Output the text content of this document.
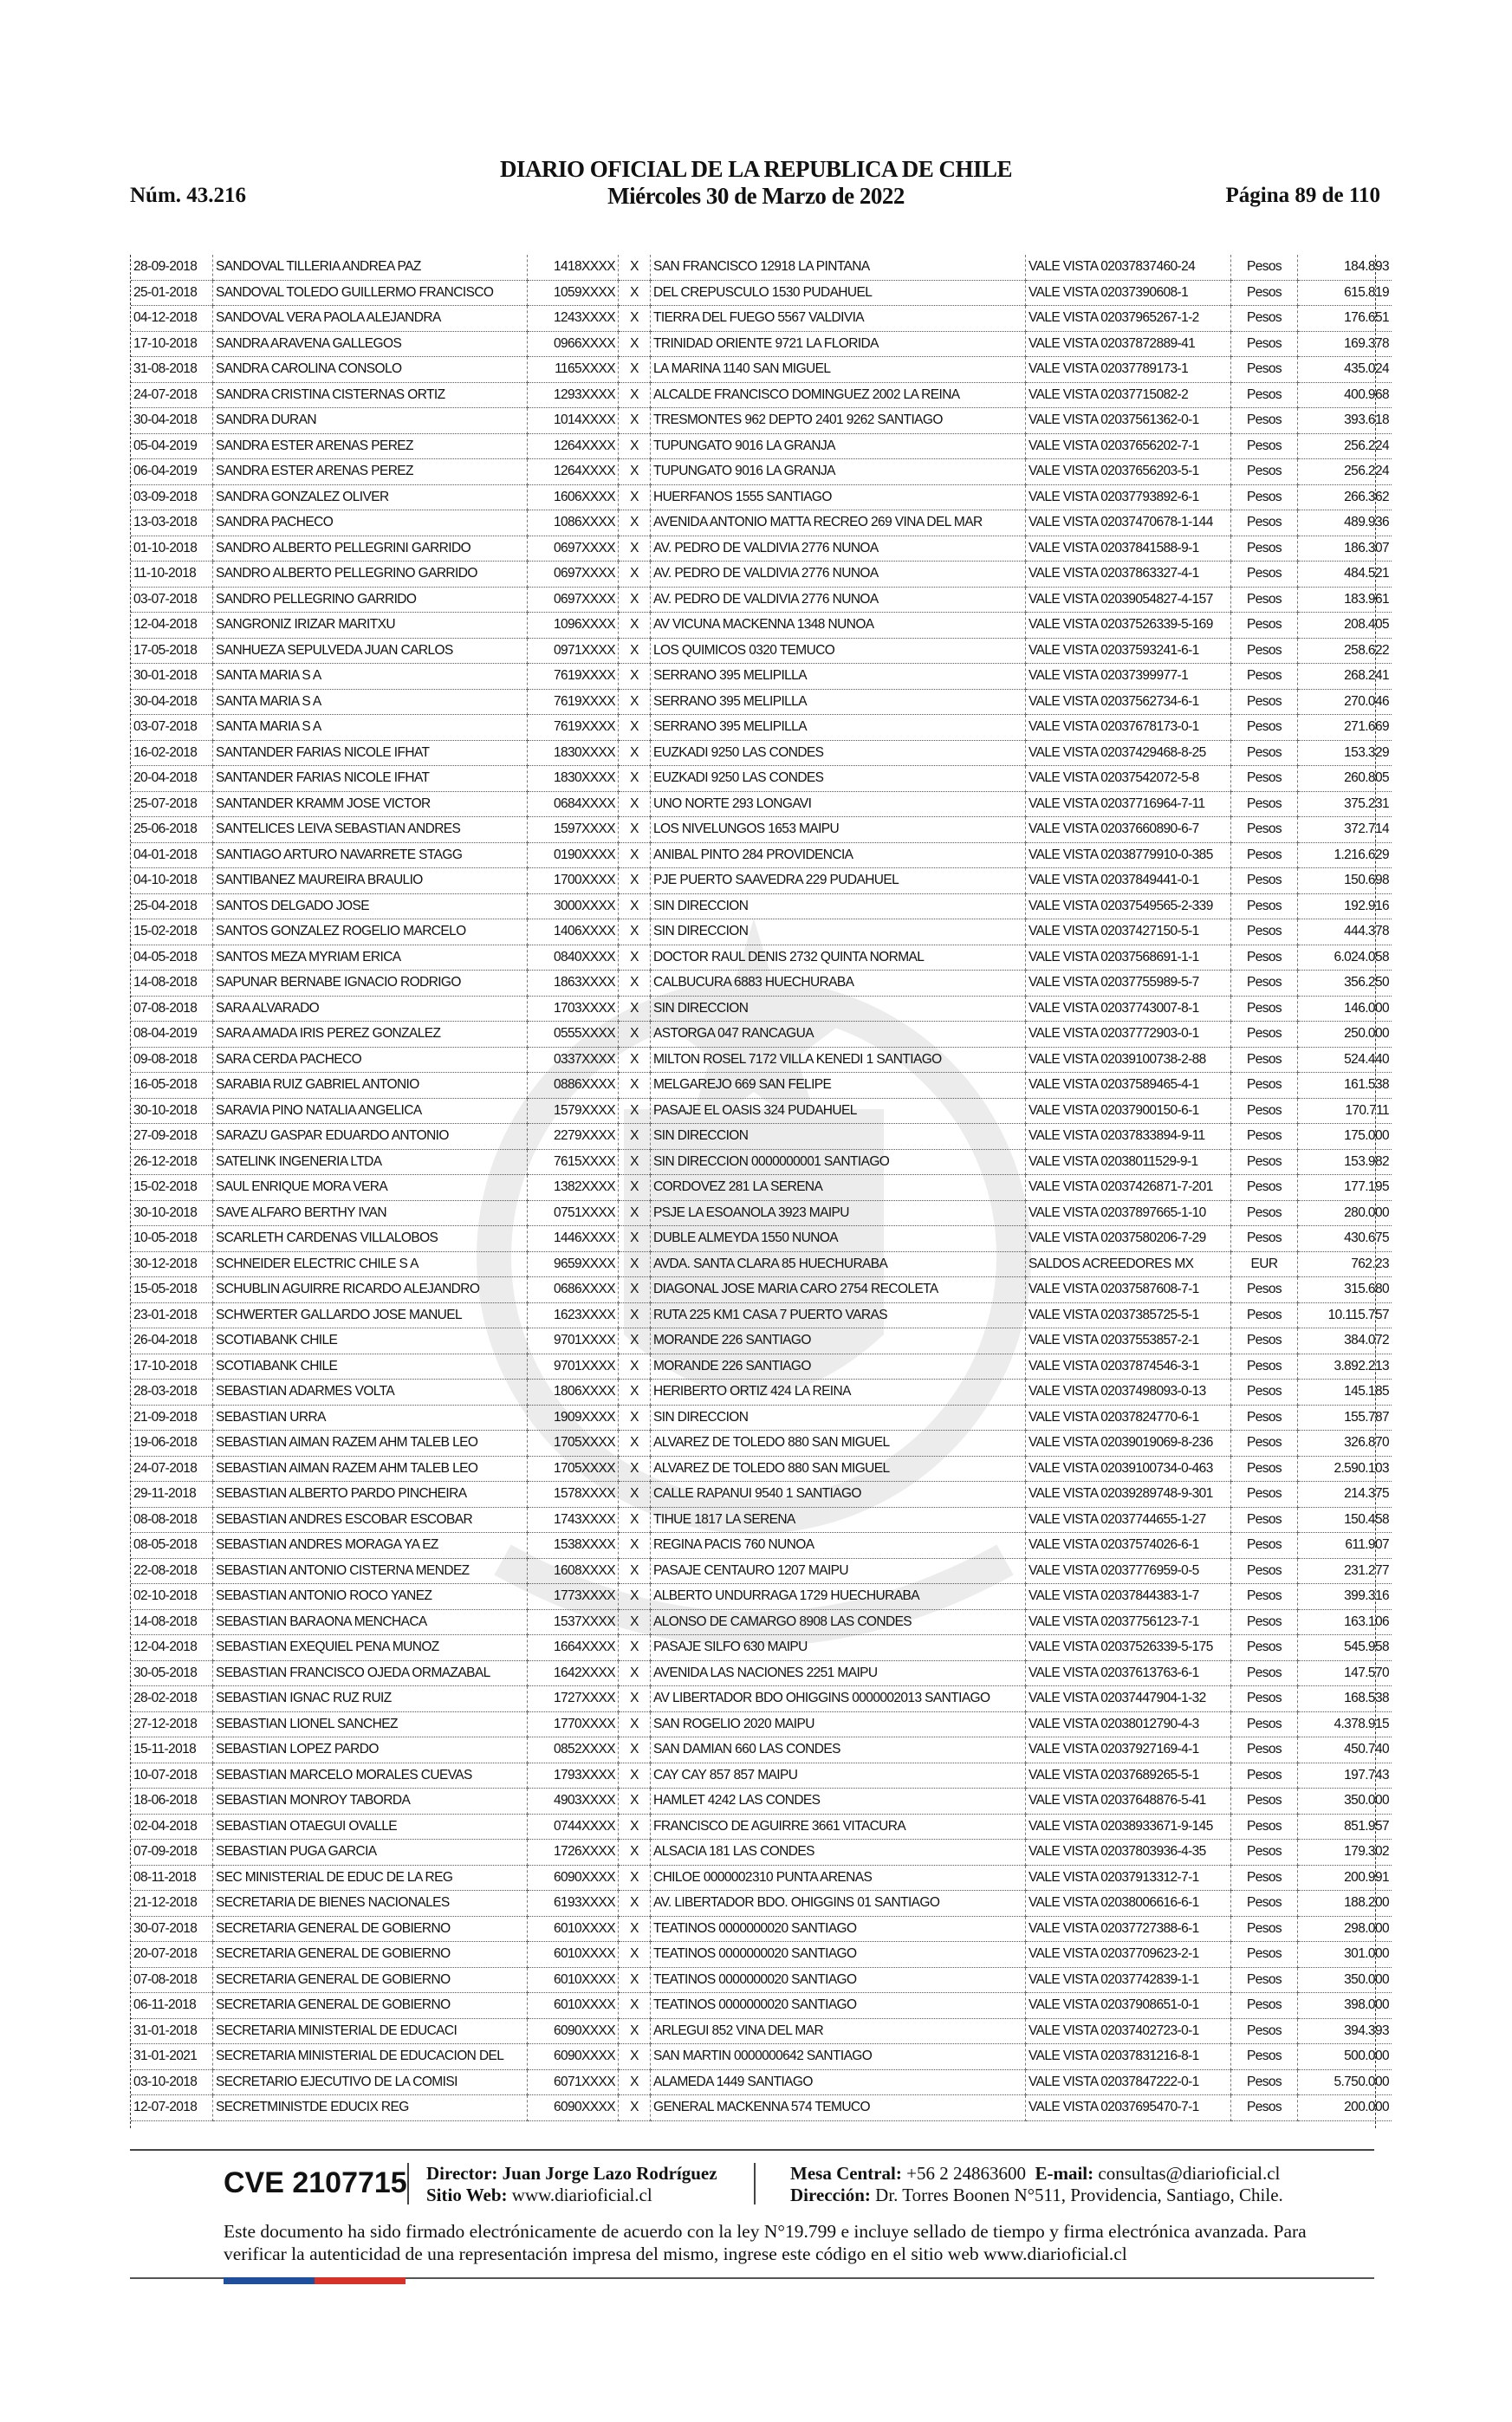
Núm. 43.216
DIARIO OFICIAL DE LA REPUBLICA DE CHILE
Miércoles 30 de Marzo de 2022	Página 89 de 110
28-09-2018	SANDOVAL TILLERIA ANDREA PAZ	1418XXXX	X	SAN FRANCISCO 12918 LA PINTANA	VALE VISTA 02037837460-24	Pesos	184.893
25-01-2018	SANDOVAL TOLEDO GUILLERMO FRANCISCO	1059XXXX	X	DEL CREPUSCULO 1530 PUDAHUEL	VALE VISTA 02037390608-1	Pesos	615.819
04-12-2018	SANDOVAL VERA PAOLA ALEJANDRA	1243XXXX	X	TIERRA DEL FUEGO 5567 VALDIVIA	VALE VISTA 02037965267-1-2	Pesos	176.651
17-10-2018	SANDRA ARAVENA GALLEGOS	0966XXXX	X	TRINIDAD ORIENTE 9721 LA FLORIDA	VALE VISTA 02037872889-41	Pesos	169.378
31-08-2018	SANDRA CAROLINA CONSOLO	1165XXXX	X	LA MARINA 1140 SAN MIGUEL	VALE VISTA 02037789173-1	Pesos	435.024
24-07-2018	SANDRA CRISTINA CISTERNAS ORTIZ	1293XXXX	X	ALCALDE FRANCISCO DOMINGUEZ 2002 LA REINA	VALE VISTA 02037715082-2	Pesos	400.968
30-04-2018	SANDRA DURAN	1014XXXX	X	TRESMONTES 962 DEPTO 2401 9262 SANTIAGO	VALE VISTA 02037561362-0-1	Pesos	393.618
05-04-2019	SANDRA ESTER ARENAS PEREZ	1264XXXX	X	TUPUNGATO 9016 LA GRANJA	VALE VISTA 02037656202-7-1	Pesos	256.224
06-04-2019	SANDRA ESTER ARENAS PEREZ	1264XXXX	X	TUPUNGATO 9016 LA GRANJA	VALE VISTA 02037656203-5-1	Pesos	256.224
03-09-2018	SANDRA GONZALEZ OLIVER	1606XXXX	X	HUERFANOS 1555 SANTIAGO	VALE VISTA 02037793892-6-1	Pesos	266.362
13-03-2018	SANDRA PACHECO	1086XXXX	X	AVENIDA ANTONIO MATTA RECREO 269 VINA DEL MAR	VALE VISTA 02037470678-1-144	Pesos	489.936
01-10-2018	SANDRO ALBERTO PELLEGRINI GARRIDO	0697XXXX	X	AV. PEDRO DE VALDIVIA 2776 NUNOA	VALE VISTA 02037841588-9-1	Pesos	186.307
11-10-2018	SANDRO ALBERTO PELLEGRINO GARRIDO	0697XXXX	X	AV. PEDRO DE VALDIVIA 2776 NUNOA	VALE VISTA 02037863327-4-1	Pesos	484.521
03-07-2018	SANDRO PELLEGRINO GARRIDO	0697XXXX	X	AV. PEDRO DE VALDIVIA 2776 NUNOA	VALE VISTA 02039054827-4-157	Pesos	183.961
12-04-2018	SANGRONIZ IRIZAR MARITXU	1096XXXX	X	AV VICUNA MACKENNA 1348 NUNOA	VALE VISTA 02037526339-5-169	Pesos	208.405
17-05-2018	SANHUEZA SEPULVEDA JUAN CARLOS	0971XXXX	X	LOS QUIMICOS 0320 TEMUCO	VALE VISTA 02037593241-6-1	Pesos	258.622
30-01-2018	SANTA MARIA S A	7619XXXX	X	SERRANO 395 MELIPILLA	VALE VISTA 02037399977-1	Pesos	268.241
30-04-2018	SANTA MARIA S A	7619XXXX	X	SERRANO 395 MELIPILLA	VALE VISTA 02037562734-6-1	Pesos	270.046
03-07-2018	SANTA MARIA S A	7619XXXX	X	SERRANO 395 MELIPILLA	VALE VISTA 02037678173-0-1	Pesos	271.669
16-02-2018	SANTANDER FARIAS NICOLE IFHAT	1830XXXX	X	EUZKADI 9250 LAS CONDES	VALE VISTA 02037429468-8-25	Pesos	153.329
20-04-2018	SANTANDER FARIAS NICOLE IFHAT	1830XXXX	X	EUZKADI 9250 LAS CONDES	VALE VISTA 02037542072-5-8	Pesos	260.805
25-07-2018	SANTANDER KRAMM JOSE VICTOR	0684XXXX	X	UNO NORTE 293 LONGAVI	VALE VISTA 02037716964-7-11	Pesos	375.231
25-06-2018	SANTELICES LEIVA SEBASTIAN ANDRES	1597XXXX	X	LOS NIVELUNGOS 1653 MAIPU	VALE VISTA 02037660890-6-7	Pesos	372.714
04-01-2018	SANTIAGO ARTURO NAVARRETE STAGG	0190XXXX	X	ANIBAL PINTO 284 PROVIDENCIA	VALE VISTA 02038779910-0-385	Pesos	1.216.629
04-10-2018	SANTIBANEZ MAUREIRA BRAULIO	1700XXXX	X	PJE PUERTO SAAVEDRA 229 PUDAHUEL	VALE VISTA 02037849441-0-1	Pesos	150.698
25-04-2018	SANTOS DELGADO JOSE	3000XXXX	X	SIN DIRECCION	VALE VISTA 02037549565-2-339	Pesos	192.916
15-02-2018	SANTOS GONZALEZ ROGELIO MARCELO	1406XXXX	X	SIN DIRECCION	VALE VISTA 02037427150-5-1	Pesos	444.378
04-05-2018	SANTOS MEZA MYRIAM ERICA	0840XXXX	X	DOCTOR RAUL DENIS 2732 QUINTA NORMAL	VALE VISTA 02037568691-1-1	Pesos	6.024.058
14-08-2018	SAPUNAR BERNABE IGNACIO RODRIGO	1863XXXX	X	CALBUCURA 6883 HUECHURABA	VALE VISTA 02037755989-5-7	Pesos	356.250
07-08-2018	SARA ALVARADO	1703XXXX	X	SIN DIRECCION	VALE VISTA 02037743007-8-1	Pesos	146.000
08-04-2019	SARA AMADA IRIS PEREZ GONZALEZ	0555XXXX	X	ASTORGA 047 RANCAGUA	VALE VISTA 02037772903-0-1	Pesos	250.000
09-08-2018	SARA CERDA PACHECO	0337XXXX	X	MILTON ROSEL 7172 VILLA KENEDI 1 SANTIAGO	VALE VISTA 02039100738-2-88	Pesos	524.440
16-05-2018	SARABIA RUIZ GABRIEL ANTONIO	0886XXXX	X	MELGAREJO 669 SAN FELIPE	VALE VISTA 02037589465-4-1	Pesos	161.538
30-10-2018	SARAVIA PINO NATALIA ANGELICA	1579XXXX	X	PASAJE EL OASIS 324 PUDAHUEL	VALE VISTA 02037900150-6-1	Pesos	170.711
27-09-2018	SARAZU GASPAR EDUARDO ANTONIO	2279XXXX	X	SIN DIRECCION	VALE VISTA 02037833894-9-11	Pesos	175.000
26-12-2018	SATELINK INGENERIA LTDA	7615XXXX	X	SIN DIRECCION 0000000001 SANTIAGO	VALE VISTA 02038011529-9-1	Pesos	153.982
15-02-2018	SAUL ENRIQUE MORA VERA	1382XXXX	X	CORDOVEZ 281 LA SERENA	VALE VISTA 02037426871-7-201	Pesos	177.195
30-10-2018	SAVE ALFARO BERTHY IVAN	0751XXXX	X	PSJE LA ESOANOLA 3923 MAIPU	VALE VISTA 02037897665-1-10	Pesos	280.000
10-05-2018	SCARLETH CARDENAS VILLALOBOS	1446XXXX	X	DUBLE ALMEYDA 1550 NUNOA	VALE VISTA 02037580206-7-29	Pesos	430.675
30-12-2018	SCHNEIDER ELECTRIC CHILE S A	9659XXXX	X	AVDA. SANTA CLARA 85 HUECHURABA	SALDOS ACREEDORES MX	EUR	762.23
15-05-2018	SCHUBLIN AGUIRRE RICARDO ALEJANDRO	0686XXXX	X	DIAGONAL JOSE MARIA CARO 2754 RECOLETA	VALE VISTA 02037587608-7-1	Pesos	315.680
23-01-2018	SCHWERTER GALLARDO JOSE MANUEL	1623XXXX	X	RUTA 225 KM1 CASA 7 PUERTO VARAS	VALE VISTA 02037385725-5-1	Pesos	10.115.757
26-04-2018	SCOTIABANK CHILE	9701XXXX	X	MORANDE 226 SANTIAGO	VALE VISTA 02037553857-2-1	Pesos	384.072
17-10-2018	SCOTIABANK CHILE	9701XXXX	X	MORANDE 226 SANTIAGO	VALE VISTA 02037874546-3-1	Pesos	3.892.213
28-03-2018	SEBASTIAN ADARMES VOLTA	1806XXXX	X	HERIBERTO ORTIZ 424 LA REINA	VALE VISTA 02037498093-0-13	Pesos	145.185
21-09-2018	SEBASTIAN URRA	1909XXXX	X	SIN DIRECCION	VALE VISTA 02037824770-6-1	Pesos	155.787
19-06-2018	SEBASTIAN AIMAN RAZEM AHM TALEB LEO	1705XXXX	X	ALVAREZ DE TOLEDO 880 SAN MIGUEL	VALE VISTA 02039019069-8-236	Pesos	326.870
24-07-2018	SEBASTIAN AIMAN RAZEM AHM TALEB LEO	1705XXXX	X	ALVAREZ DE TOLEDO 880 SAN MIGUEL	VALE VISTA 02039100734-0-463	Pesos	2.590.103
29-11-2018	SEBASTIAN ALBERTO PARDO PINCHEIRA	1578XXXX	X	CALLE RAPANUI 9540 1 SANTIAGO	VALE VISTA 02039289748-9-301	Pesos	214.375
08-08-2018	SEBASTIAN ANDRES ESCOBAR ESCOBAR	1743XXXX	X	TIHUE 1817 LA SERENA	VALE VISTA 02037744655-1-27	Pesos	150.458
08-05-2018	SEBASTIAN ANDRES MORAGA YA EZ	1538XXXX	X	REGINA PACIS 760 NUNOA	VALE VISTA 02037574026-6-1	Pesos	611.907
22-08-2018	SEBASTIAN ANTONIO CISTERNA MENDEZ	1608XXXX	X	PASAJE CENTAURO 1207 MAIPU	VALE VISTA 02037776959-0-5	Pesos	231.277
02-10-2018	SEBASTIAN ANTONIO ROCO YANEZ	1773XXXX	X	ALBERTO UNDURRAGA 1729 HUECHURABA	VALE VISTA 02037844383-1-7	Pesos	399.316
14-08-2018	SEBASTIAN BARAONA MENCHACA	1537XXXX	X	ALONSO DE CAMARGO 8908 LAS CONDES	VALE VISTA 02037756123-7-1	Pesos	163.106
12-04-2018	SEBASTIAN EXEQUIEL PENA MUNOZ	1664XXXX	X	PASAJE SILFO 630 MAIPU	VALE VISTA 02037526339-5-175	Pesos	545.958
30-05-2018	SEBASTIAN FRANCISCO OJEDA ORMAZABAL	1642XXXX	X	AVENIDA LAS NACIONES 2251 MAIPU	VALE VISTA 02037613763-6-1	Pesos	147.570
28-02-2018	SEBASTIAN IGNAC RUZ RUIZ	1727XXXX	X	AV LIBERTADOR BDO OHIGGINS 0000002013 SANTIAGO	VALE VISTA 02037447904-1-32	Pesos	168.538
27-12-2018	SEBASTIAN LIONEL SANCHEZ	1770XXXX	X	SAN ROGELIO 2020 MAIPU	VALE VISTA 02038012790-4-3	Pesos	4.378.915
15-11-2018	SEBASTIAN LOPEZ PARDO	0852XXXX	X	SAN DAMIAN 660 LAS CONDES	VALE VISTA 02037927169-4-1	Pesos	450.740
10-07-2018	SEBASTIAN MARCELO MORALES CUEVAS	1793XXXX	X	CAY CAY 857 857 MAIPU	VALE VISTA 02037689265-5-1	Pesos	197.743
18-06-2018	SEBASTIAN MONROY TABORDA	4903XXXX	X	HAMLET 4242 LAS CONDES	VALE VISTA 02037648876-5-41	Pesos	350.000
02-04-2018	SEBASTIAN OTAEGUI OVALLE	0744XXXX	X	FRANCISCO DE AGUIRRE 3661 VITACURA	VALE VISTA 02038933671-9-145	Pesos	851.957
07-09-2018	SEBASTIAN PUGA GARCIA	1726XXXX	X	ALSACIA 181 LAS CONDES	VALE VISTA 02037803936-4-35	Pesos	179.302
08-11-2018	SEC MINISTERIAL DE EDUC DE LA REG	6090XXXX	X	CHILOE 0000002310 PUNTA ARENAS	VALE VISTA 02037913312-7-1	Pesos	200.991
21-12-2018	SECRETARIA DE BIENES NACIONALES	6193XXXX	X	AV. LIBERTADOR BDO. OHIGGINS 01 SANTIAGO	VALE VISTA 02038006616-6-1	Pesos	188.200
30-07-2018	SECRETARIA GENERAL DE GOBIERNO	6010XXXX	X	TEATINOS 0000000020 SANTIAGO	VALE VISTA 02037727388-6-1	Pesos	298.000
20-07-2018	SECRETARIA GENERAL DE GOBIERNO	6010XXXX	X	TEATINOS 0000000020 SANTIAGO	VALE VISTA 02037709623-2-1	Pesos	301.000
07-08-2018	SECRETARIA GENERAL DE GOBIERNO	6010XXXX	X	TEATINOS 0000000020 SANTIAGO	VALE VISTA 02037742839-1-1	Pesos	350.000
06-11-2018	SECRETARIA GENERAL DE GOBIERNO	6010XXXX	X	TEATINOS 0000000020 SANTIAGO	VALE VISTA 02037908651-0-1	Pesos	398.000
31-01-2018	SECRETARIA MINISTERIAL DE EDUCACI	6090XXXX	X	ARLEGUI 852 VINA DEL MAR	VALE VISTA 02037402723-0-1	Pesos	394.393
31-01-2021	SECRETARIA MINISTERIAL DE EDUCACION DEL	6090XXXX	X	SAN MARTIN 0000000642 SANTIAGO	VALE VISTA 02037831216-8-1	Pesos	500.000
03-10-2018	SECRETARIO EJECUTIVO DE LA COMISI	6071XXXX	X	ALAMEDA 1449 SANTIAGO	VALE VISTA 02037847222-0-1	Pesos	5.750.000
12-07-2018	SECRETMINISTDE EDUCIX REG	6090XXXX	X	GENERAL MACKENNA 574 TEMUCO	VALE VISTA 02037695470-7-1	Pesos	200.000
CVE 2107715 Director: Juan Jorge Lazo Rodríguez
Sitio Web: www.diarioficial.cl
Mesa Central: +56 2 24863600 E-mail: consultas@diarioficial.cl
Dirección: Dr. Torres Boonen N°511, Providencia, Santiago, Chile.
Este documento ha sido firmado electrónicamente de acuerdo con la ley N°19.799 e incluye sellado de tiempo y firma electrónica avanzada. Para verificar la autenticidad de una representación impresa del mismo, ingrese este código en el sitio web www.diarioficial.cl
